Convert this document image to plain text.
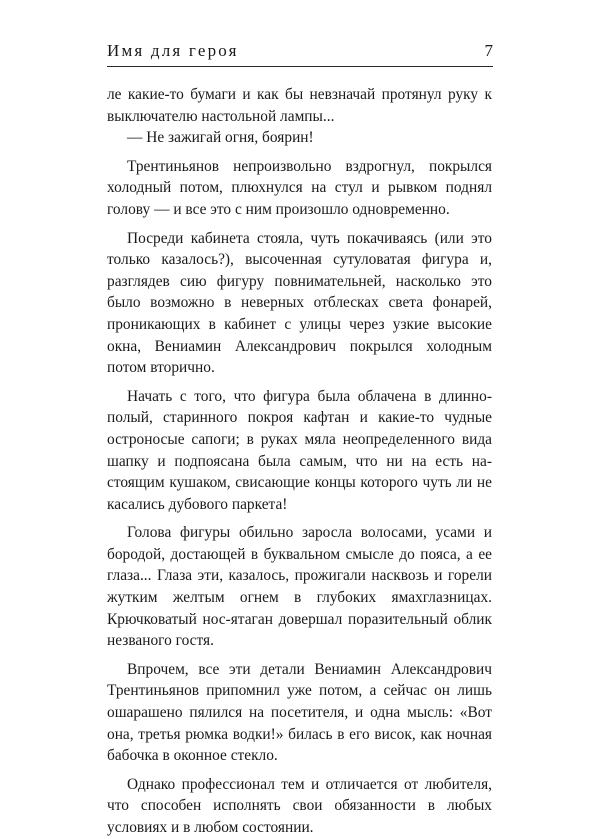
Имя для героя	7

ле какие-то бумаги и как бы невзначай протянул руку к выключателю настольной лампы...

— Не зажигай огня, боярин!

Трентиньянов непроизвольно вздрогнул, покрылся холодный потом, плюхнулся на стул и рывком поднял голову — и все это с ним произошло одновременно.

Посреди кабинета стояла, чуть покачиваясь (или это только казалось?), высоченная сутуловатая фигура и, разглядев сию фигуру повнимательней, насколько это было возможно в неверных отблесках света фонарей, проникающих в кабинет с улицы через узкие высокие окна, Вениамин Александрович покрылся холодным потом вторично.

Начать с того, что фигура была облачена в длиннополый, старинного покроя кафтан и какие-то чудные остроносые сапоги; в руках мяла неопределенного вида шапку и подпоясана была самым, что ни на есть настоящим кушаком, свисающие концы которого чуть ли не касались дубового паркета!

Голова фигуры обильно заросла волосами, усами и бородой, достающей в буквальном смысле до пояса, а ее глаза... Глаза эти, казалось, прожигали насквозь и горели жутким желтым огнем в глубоких ямахглазницах. Крючковатый нос-ятаган довершал поразительный облик незваного гостя.

Впрочем, все эти детали Вениамин Александрович Трентиньянов припомнил уже потом, а сейчас он лишь ошарашено пялился на посетителя, и одна мысль: «Вот она, третья рюмка водки!» билась в его висок, как ночная бабочка в оконное стекло.

Однако профессионал тем и отличается от любителя, что способен исполнять свои обязанности в любых условиях и в любом состоянии.
